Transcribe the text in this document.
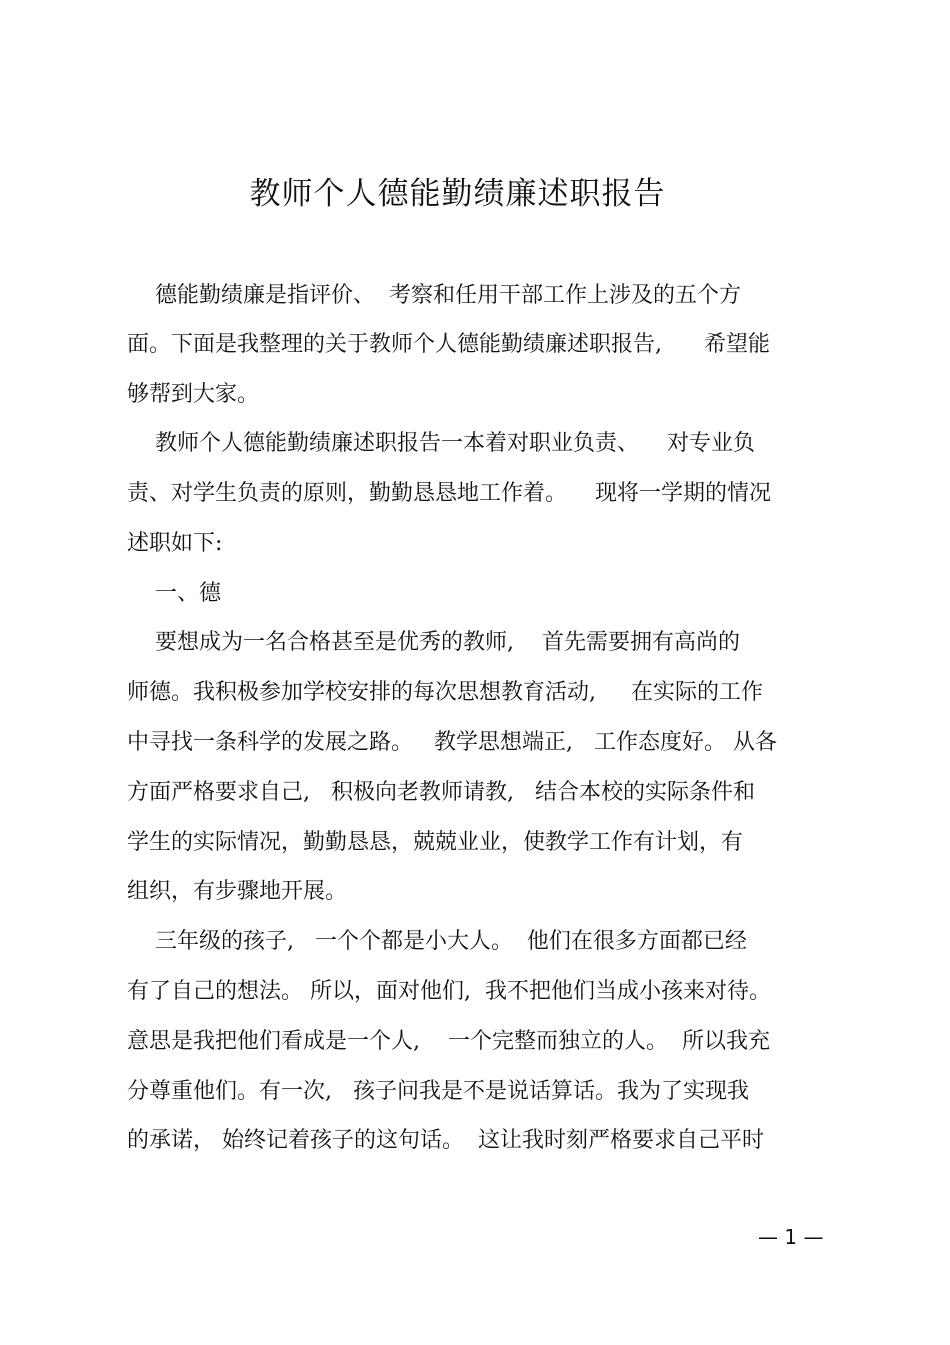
教师个人德能勤绩廉述职报告
德能勤绩廉是指评价、  考察和任用干部工作上涉及的五个方
面。下面是我整理的关于教师个人德能勤绩廉述职报告,      希望能
够帮到大家。
教师个人德能勤绩廉述职报告一本着对职业负责、    对专业负
责、对学生负责的原则，勤勤恳恳地工作着。    现将一学期的情况
述职如下:
一、德
要想成为一名合格甚至是优秀的教师,    首先需要拥有高尚的
师德。我积极参加学校安排的每次思想教育活动,     在实际的工作
中寻找一条科学的发展之路。   教学思想端正,   工作态度好。 从各
方面严格要求自己,   积极向老教师请教,   结合本校的实际条件和
学生的实际情况，勤勤恳恳，兢兢业业，使教学工作有计划，有
组织，有步骤地开展。
三年级的孩子,   一个个都是小大人。  他们在很多方面都已经
有了自己的想法。 所以，面对他们,  我不把他们当成小孩来对待。
意思是我把他们看成是一个人,    一个完整而独立的人。  所以我充
分尊重他们。有一次,   孩子问我是不是说话算话。我为了实现我
的承诺， 始终记着孩子的这句话。  这让我时刻严格要求自己平时
— 1 —
